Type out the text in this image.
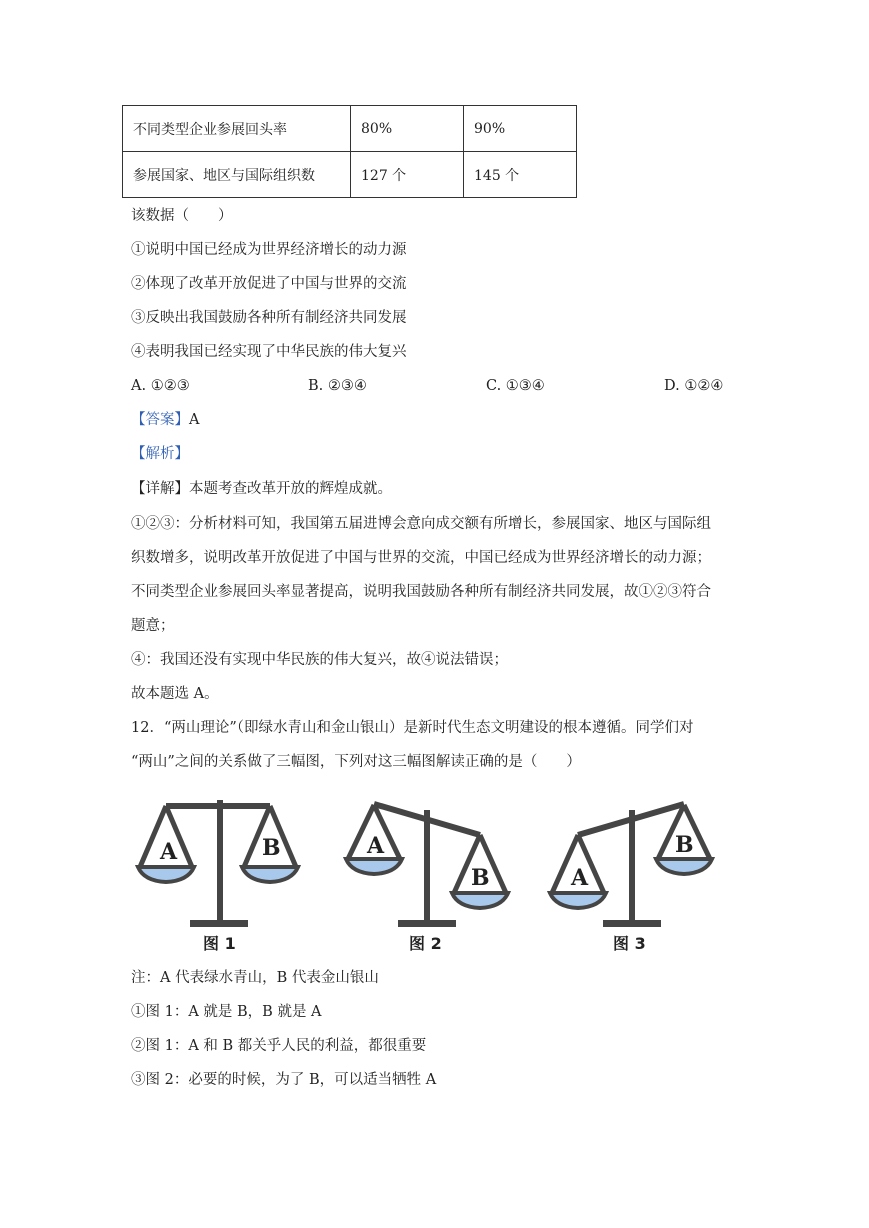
不同类型企业参展回头率	80%	90%
参展国家、地区与国际组织数	127 个	145 个
该数据（　　）
①说明中国已经成为世界经济增长的动力源
②体现了改革开放促进了中国与世界的交流
③反映出我国鼓励各种所有制经济共同发展
④表明我国已经实现了中华民族的伟大复兴
A. ①②③	B. ②③④	C. ①③④	D. ①②④
【答案】A
【解析】
【详解】本题考查改革开放的辉煌成就。
①②③：分析材料可知，我国第五届进博会意向成交额有所增长，参展国家、地区与国际组
织数增多，说明改革开放促进了中国与世界的交流，中国已经成为世界经济增长的动力源；
不同类型企业参展回头率显著提高，说明我国鼓励各种所有制经济共同发展，故①②③符合
题意；
④：我国还没有实现中华民族的伟大复兴，故④说法错误；
故本题选 A。
12．“两山理论”（即绿水青山和金山银山）是新时代生态文明建设的根本遵循。同学们对
“两山”之间的关系做了三幅图，下列对这三幅图解读正确的是（　　）
A	B
图 1
A
B
图 2
A
B
图 3
注：A 代表绿水青山，B 代表金山银山
①图 1：A 就是 B，B 就是 A
②图 1：A 和 B 都关乎人民的利益，都很重要
③图 2：必要的时候，为了 B，可以适当牺牲 A
